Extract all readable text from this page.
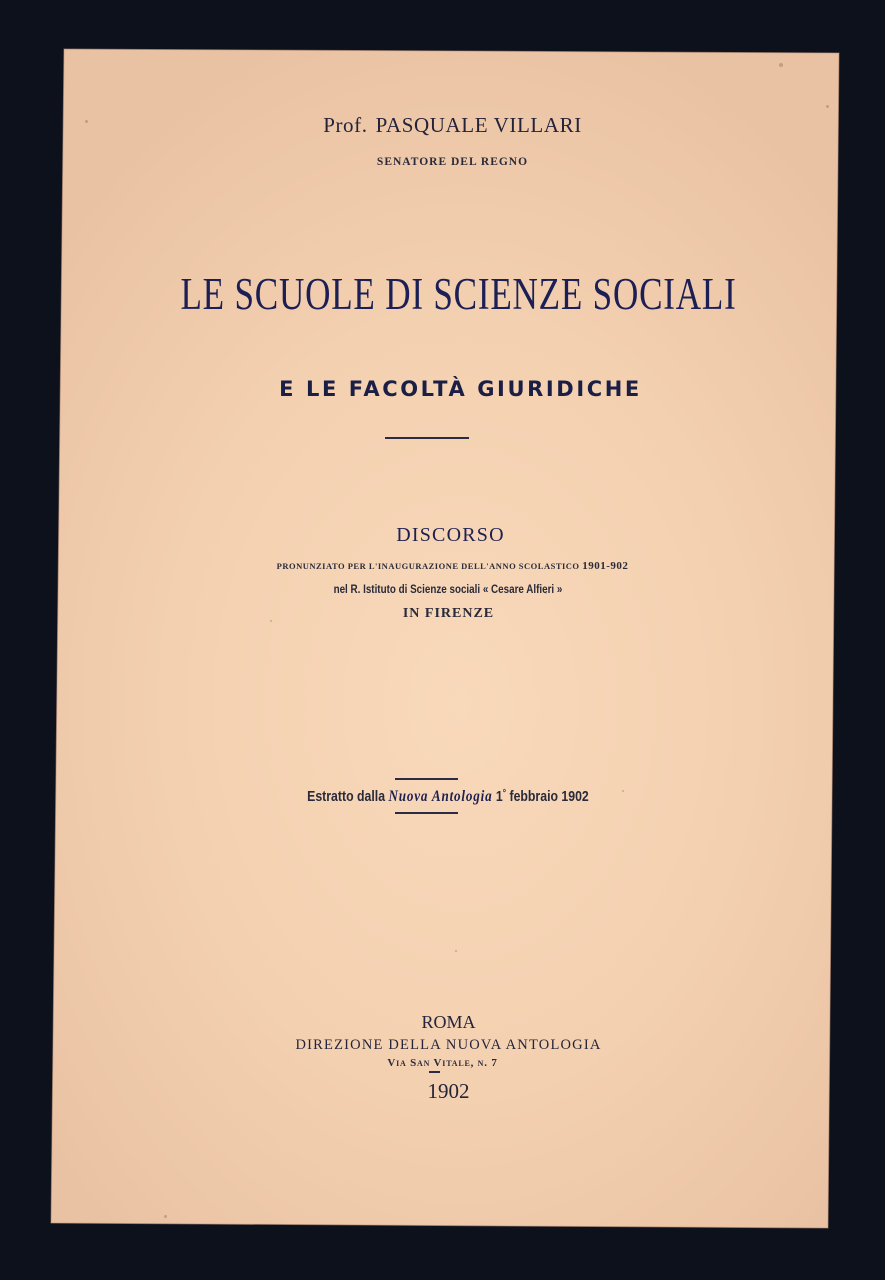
Prof. PASQUALE VILLARI
SENATORE DEL REGNO
LE SCUOLE DI SCIENZE SOCIALI
E LE FACOLTÀ GIURIDICHE
DISCORSO
PRONUNZIATO PER L'INAUGURAZIONE DELL'ANNO SCOLASTICO 1901-902
nel R. Istituto di Scienze sociali « Cesare Alfieri »
IN FIRENZE
Estratto dalla Nuova Antologia 1° febbraio 1902
ROMA
DIREZIONE DELLA NUOVA ANTOLOGIA
Via San Vitale, n. 7
1902
